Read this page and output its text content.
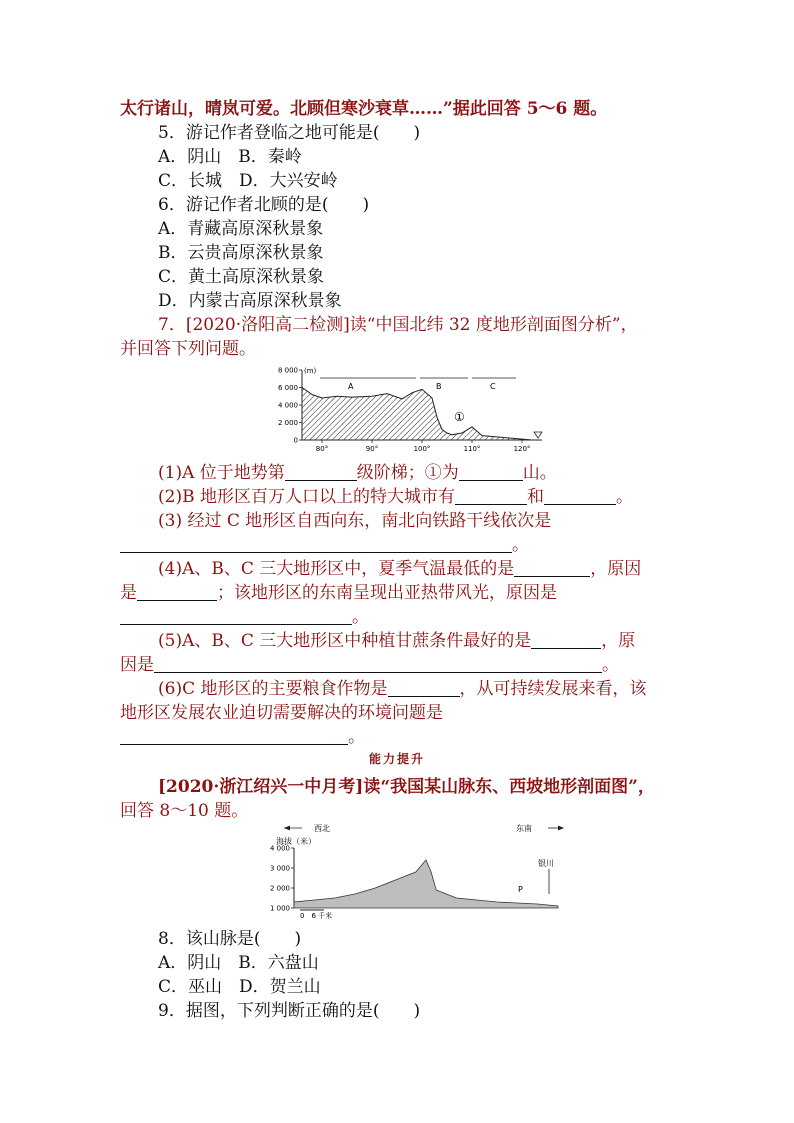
太行诸山，晴岚可爱。北顾但寒沙衰草……”据此回答 5～6 题。
5．游记作者登临之地可能是(　　)
A．阴山　B．秦岭
C．长城　D．大兴安岭
6．游记作者北顾的是(　　)
A．青藏高原深秋景象
B．云贵高原深秋景象
C．黄土高原深秋景象
D．内蒙古高原深秋景象
7．[2020·洛阳高二检测]读“中国北纬 32 度地形剖面图分析”，
并回答下列问题。
8 000
6 000
4 000
2 000
0
80°	90°	100°	110°	120°
(m)
A	B	C
①
(1)A 位于地势第	级阶梯；①为	山。
(2)B 地形区百万人口以上的特大城市有	和	。
(3) 经过 C 地形区自西向东，南北向铁路干线依次是
。
(4)A、B、C 三大地形区中，夏季气温最低的是	，原因
是	；该地形区的东南呈现出亚热带风光，原因是
。
(5)A、B、C 三大地形区中种植甘蔗条件最好的是	，原
因是	。
(6)C 地形区的主要粮食作物是	，从可持续发展来看，该
地形区发展农业迫切需要解决的环境问题是
。
能力提升
[2020·浙江绍兴一中月考]读“我国某山脉东、西坡地形剖面图”，
回答 8～10 题。
西北	东南
海拔（米）
4 000
3 000
2 000
1 000
银川
P
0　6 千米
8．该山脉是(　　)
A．阴山　B．六盘山
C．巫山　D．贺兰山
9．据图，下列判断正确的是(　　)
